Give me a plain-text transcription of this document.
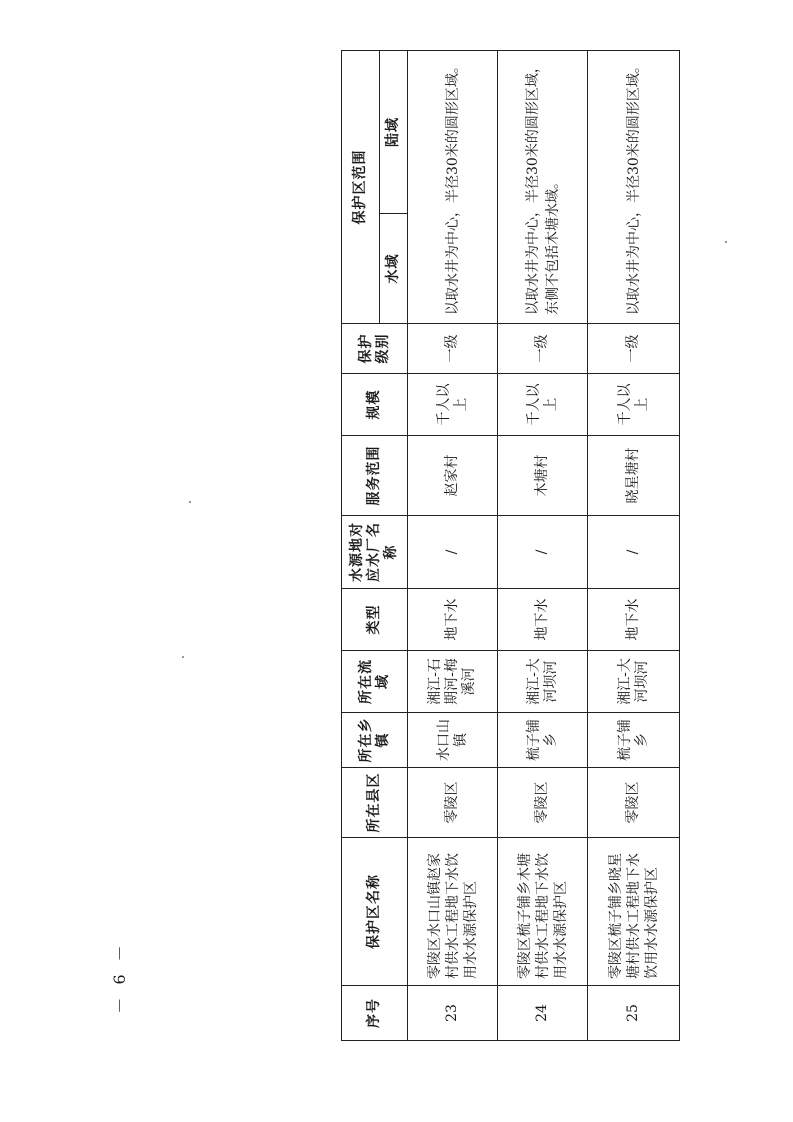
序号	保护区名称	所在县区	所在乡镇	所在流域	类型	水源地对应水厂名称	服务范围	规模	保护级别	保护区范围	
										水域	陆域
23	零陵区水口山镇赵家村供水工程地下水饮用水水源保护区	零陵区	水口山镇	湘江-石期河-梅溪河	地下水	/	赵家村	千人以上	一级	以取水井为中心，半径30米的圆形区域。	
24	零陵区梳子铺乡木塘村供水工程地下水饮用水水源保护区	零陵区	梳子铺乡	湘江-大河坝河	地下水	/	木塘村	千人以上	一级	以取水井为中心，半径30米的圆形区域，东侧不包括木塘水域。	
25	零陵区梳子铺乡晓星塘村供水工程地下水饮用水水源保护区	零陵区	梳子铺乡	湘江-大河坝河	地下水	/	晓星塘村	千人以上	一级	以取水井为中心，半径30米的圆形区域。	
－ 9 －
